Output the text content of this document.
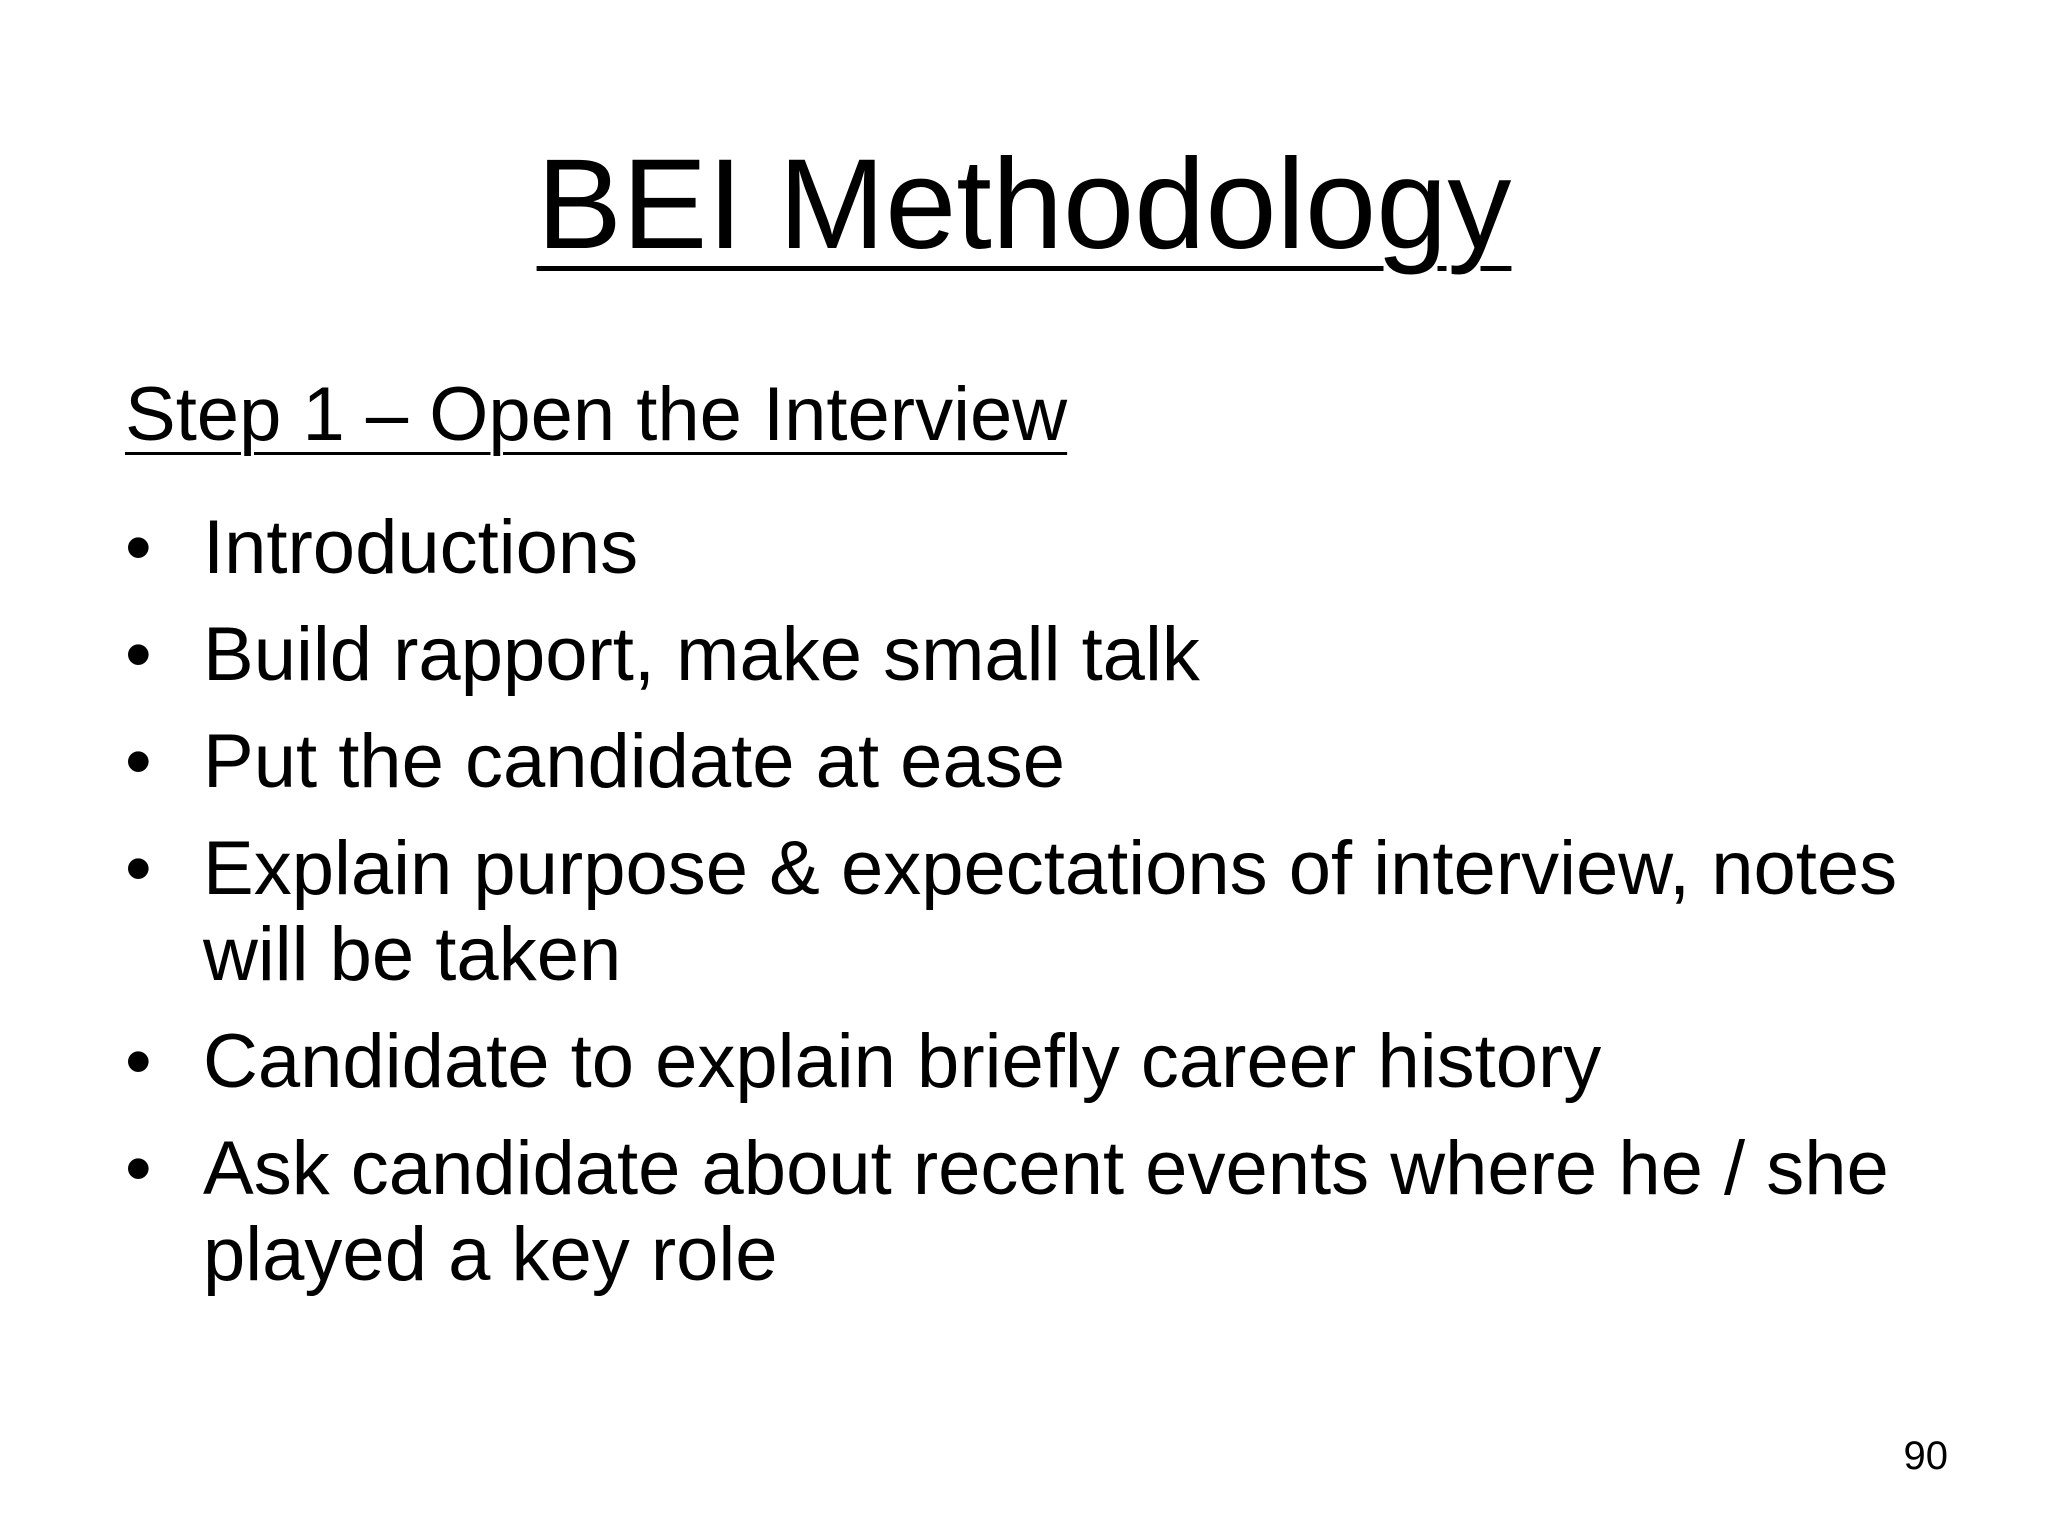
BEI Methodology
Step 1 – Open the Interview
• Introductions
• Build rapport, make small talk
• Put the candidate at ease
• Explain purpose & expectations of interview, notes will be taken
• Candidate to explain briefly career history
• Ask candidate about recent events where he / she played a key role
90
